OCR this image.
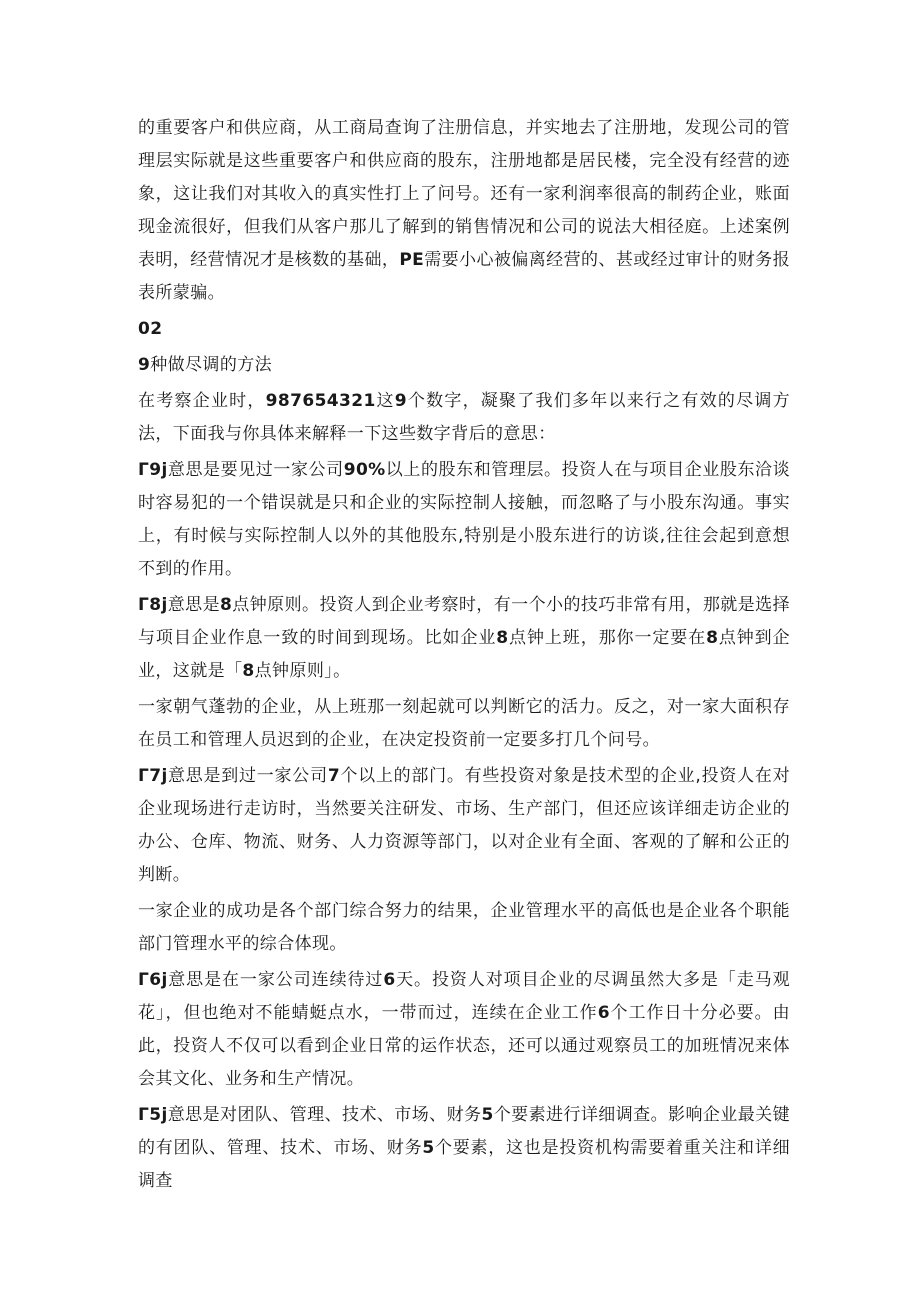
的重要客户和供应商，从工商局查询了注册信息，并实地去了注册地，发现公司的管理层实际就是这些重要客户和供应商的股东，注册地都是居民楼，完全没有经营的迹象，这让我们对其收入的真实性打上了问号。还有一家利润率很高的制药企业，账面现金流很好，但我们从客户那儿了解到的销售情况和公司的说法大相径庭。上述案例表明，经营情况才是核数的基础，PE需要小心被偏离经营的、甚或经过审计的财务报表所蒙骗。

02

9种做尽调的方法

在考察企业时，987654321这9个数字，凝聚了我们多年以来行之有效的尽调方法，下面我与你具体来解释一下这些数字背后的意思：

Γ9j意思是要见过一家公司90%以上的股东和管理层。投资人在与项目企业股东洽谈时容易犯的一个错误就是只和企业的实际控制人接触，而忽略了与小股东沟通。事实上，有时候与实际控制人以外的其他股东,特别是小股东进行的访谈,往往会起到意想不到的作用。

Γ8j意思是8点钟原则。投资人到企业考察时，有一个小的技巧非常有用，那就是选择与项目企业作息一致的时间到现场。比如企业8点钟上班，那你一定要在8点钟到企业，这就是「8点钟原则」。

一家朝气蓬勃的企业，从上班那一刻起就可以判断它的活力。反之，对一家大面积存在员工和管理人员迟到的企业，在决定投资前一定要多打几个问号。

Γ7j意思是到过一家公司7个以上的部门。有些投资对象是技术型的企业,投资人在对企业现场进行走访时，当然要关注研发、市场、生产部门，但还应该详细走访企业的办公、仓库、物流、财务、人力资源等部门，以对企业有全面、客观的了解和公正的判断。

一家企业的成功是各个部门综合努力的结果，企业管理水平的高低也是企业各个职能部门管理水平的综合体现。

Γ6j意思是在一家公司连续待过6天。投资人对项目企业的尽调虽然大多是「走马观花」，但也绝对不能蜻蜓点水，一带而过，连续在企业工作6个工作日十分必要。由此，投资人不仅可以看到企业日常的运作状态，还可以通过观察员工的加班情况来体会其文化、业务和生产情况。

Γ5j意思是对团队、管理、技术、市场、财务5个要素进行详细调查。影响企业最关键的有团队、管理、技术、市场、财务5个要素，这也是投资机构需要着重关注和详细调查
